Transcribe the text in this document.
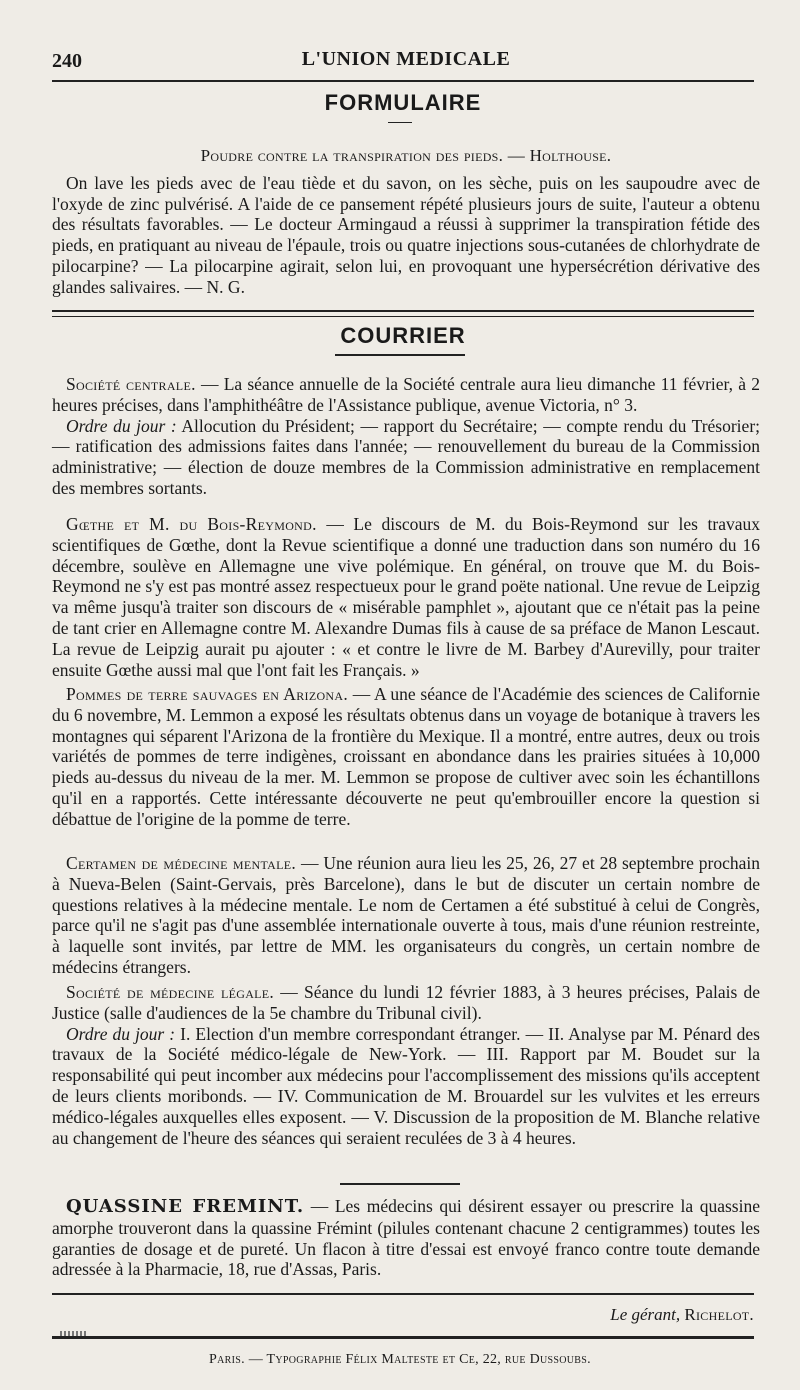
240	L'UNION MEDICALE
FORMULAIRE
Poudre contre la transpiration des pieds. — Holthouse.
On lave les pieds avec de l'eau tiède et du savon, on les sèche, puis on les saupoudre avec de l'oxyde de zinc pulvérisé. A l'aide de ce pansement répété plusieurs jours de suite, l'auteur a obtenu des résultats favorables. — Le docteur Armingaud a réussi à supprimer la transpiration fétide des pieds, en pratiquant au niveau de l'épaule, trois ou quatre injections sous-cutanées de chlorhydrate de pilocarpine? — La pilocarpine agirait, selon lui, en provoquant une hypersécrétion dérivative des glandes salivaires. — N. G.
COURRIER
Société centrale. — La séance annuelle de la Société centrale aura lieu dimanche 11 février, à 2 heures précises, dans l'amphithéâtre de l'Assistance publique, avenue Victoria, n° 3.
Ordre du jour : Allocution du Président; — rapport du Secrétaire; — compte rendu du Trésorier; — ratification des admissions faites dans l'année; — renouvellement du bureau de la Commission administrative; — élection de douze membres de la Commission administrative en remplacement des membres sortants.
Gœthe et M. du Bois-Reymond. — Le discours de M. du Bois-Reymond sur les travaux scientifiques de Gœthe, dont la Revue scientifique a donné une traduction dans son numéro du 16 décembre, soulève en Allemagne une vive polémique. En général, on trouve que M. du Bois-Reymond ne s'y est pas montré assez respectueux pour le grand poëte national. Une revue de Leipzig va même jusqu'à traiter son discours de « misérable pamphlet », ajoutant que ce n'était pas la peine de tant crier en Allemagne contre M. Alexandre Dumas fils à cause de sa préface de Manon Lescaut. La revue de Leipzig aurait pu ajouter : « et contre le livre de M. Barbey d'Aurevilly, pour traiter ensuite Gœthe aussi mal que l'ont fait les Français. »
Pommes de terre sauvages en Arizona. — A une séance de l'Académie des sciences de Californie du 6 novembre, M. Lemmon a exposé les résultats obtenus dans un voyage de botanique à travers les montagnes qui séparent l'Arizona de la frontière du Mexique. Il a montré, entre autres, deux ou trois variétés de pommes de terre indigènes, croissant en abondance dans les prairies situées à 10,000 pieds au-dessus du niveau de la mer. M. Lemmon se propose de cultiver avec soin les échantillons qu'il en a rapportés. Cette intéressante découverte ne peut qu'embrouiller encore la question si débattue de l'origine de la pomme de terre.
Certamen de médecine mentale. — Une réunion aura lieu les 25, 26, 27 et 28 septembre prochain à Nueva-Belen (Saint-Gervais, près Barcelone), dans le but de discuter un certain nombre de questions relatives à la médecine mentale. Le nom de Certamen a été substitué à celui de Congrès, parce qu'il ne s'agit pas d'une assemblée internationale ouverte à tous, mais d'une réunion restreinte, à laquelle sont invités, par lettre de MM. les organisateurs du congrès, un certain nombre de médecins étrangers.
Société de médecine légale. — Séance du lundi 12 février 1883, à 3 heures précises, Palais de Justice (salle d'audiences de la 5e chambre du Tribunal civil).
Ordre du jour : I. Election d'un membre correspondant étranger. — II. Analyse par M. Pénard des travaux de la Société médico-légale de New-York. — III. Rapport par M. Boudet sur la responsabilité qui peut incomber aux médecins pour l'accomplissement des missions qu'ils acceptent de leurs clients moribonds. — IV. Communication de M. Brouardel sur les vulvites et les erreurs médico-légales auxquelles elles exposent. — V. Discussion de la proposition de M. Blanche relative au changement de l'heure des séances qui seraient reculées de 3 à 4 heures.
QUASSINE FREMINT. — Les médecins qui désirent essayer ou prescrire la quassine amorphe trouveront dans la quassine Frémint (pilules contenant chacune 2 centigrammes) toutes les garanties de dosage et de pureté. Un flacon à titre d'essai est envoyé franco contre toute demande adressée à la Pharmacie, 18, rue d'Assas, Paris.
Le gérant, Richelot.
Paris. — Typographie Félix Malteste et Ce, 22, rue Dussoubs.
